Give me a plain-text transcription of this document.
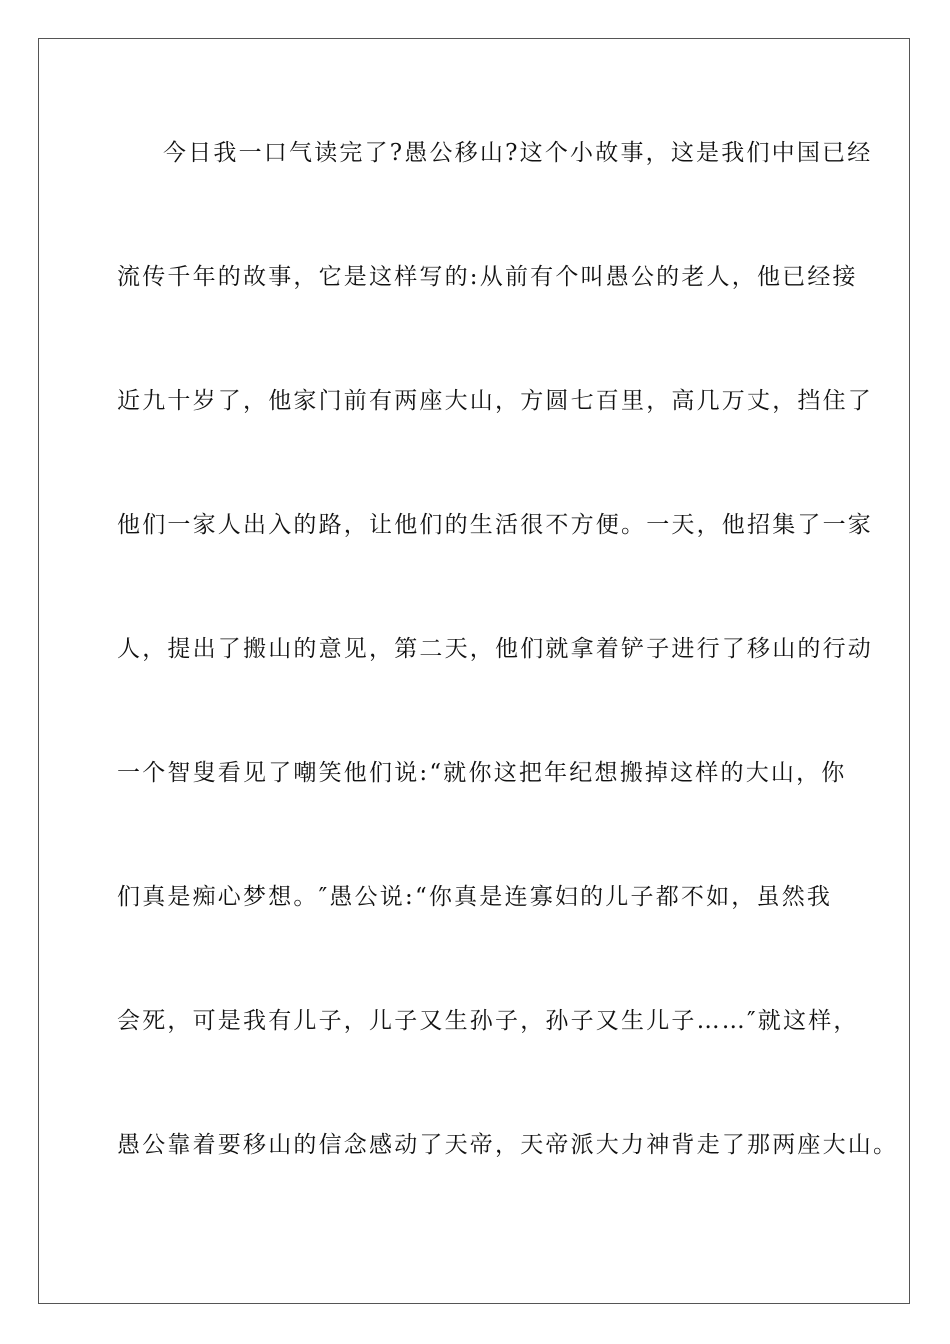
今日我一口气读完了?愚公移山?这个小故事，这是我们中国已经
流传千年的故事，它是这样写的:从前有个叫愚公的老人，他已经接
近九十岁了，他家门前有两座大山，方圆七百里，高几万丈，挡住了
他们一家人出入的路，让他们的生活很不方便。一天，他招集了一家
人，提出了搬山的意见，第二天，他们就拿着铲子进行了移山的行动
一个智叟看见了嘲笑他们说:“就你这把年纪想搬掉这样的大山，你
们真是痴心梦想。″愚公说:“你真是连寡妇的儿子都不如，虽然我
会死，可是我有儿子，儿子又生孙子，孙子又生儿子……″就这样，
愚公靠着要移山的信念感动了天帝，天帝派大力神背走了那两座大山。
